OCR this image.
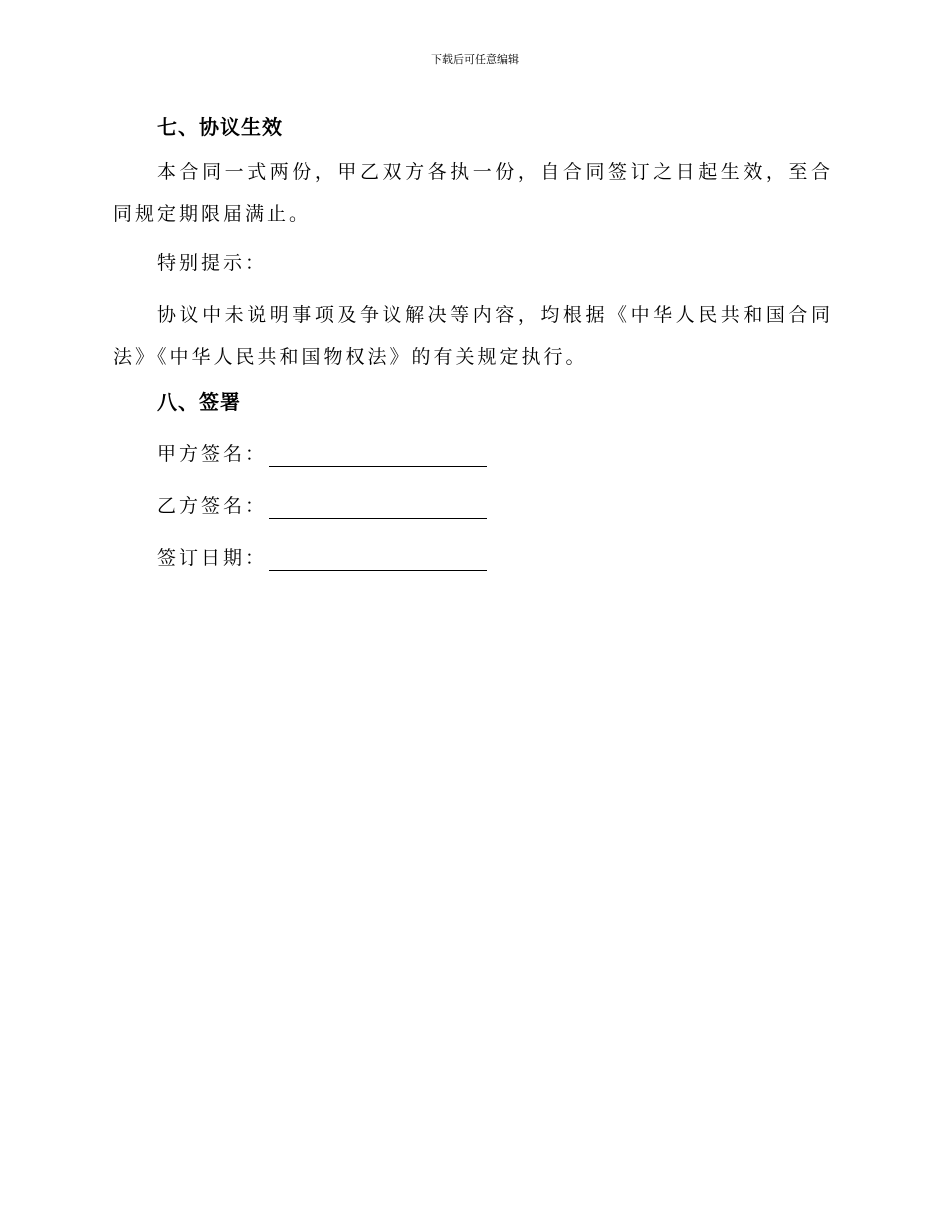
下载后可任意编辑
七、协议生效

本合同一式两份，甲乙双方各执一份，自合同签订之日起生效，至合同规定期限届满止。

特别提示：

协议中未说明事项及争议解决等内容，均根据《中华人民共和国合同法》《中华人民共和国物权法》的有关规定执行。

八、签署
甲方签名：
乙方签名：
签订日期：
